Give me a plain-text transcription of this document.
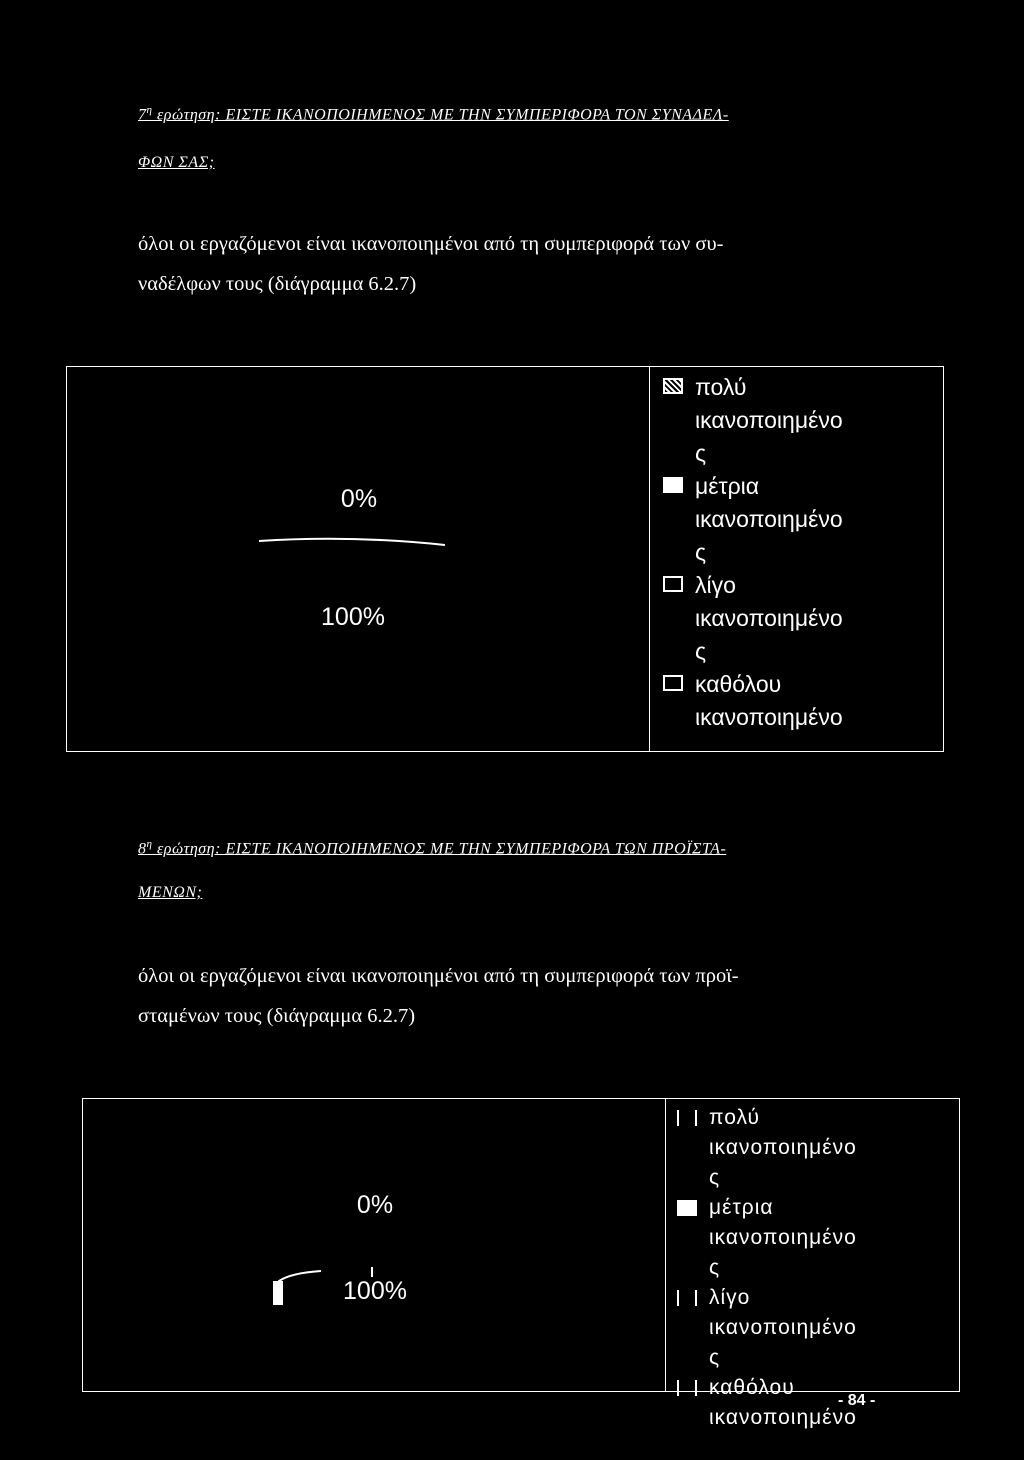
$7^\eta$ ερώτηση: ΕΙΣΤΕ ΙΚΑΝΟΠΟΙΗΜΕΝΟΣ ΜΕ ΤΗΝ ΣΥΜΠΕΡΙΦΟΡΑ ΤΟΝ ΣΥΝΑΔΕΛ-
ΦΩΝ ΣΑΣ;
όλοι οι εργαζόμενοι είναι ικανοποιημένοι από τη συμπεριφορά των συ-
ναδέλφων τους (διάγραμμα 6.2.7)
0%
100%
πολύ
ικανοποιημένο
ς
μέτρια
ικανοποιημένο
ς
λίγο
ικανοποιημένο
ς
καθόλου
ικανοποιημένο
$8^\eta$ ερώτηση: ΕΙΣΤΕ ΙΚΑΝΟΠΟΙΗΜΕΝΟΣ ΜΕ ΤΗΝ ΣΥΜΠΕΡΙΦΟΡΑ ΤΩΝ ΠΡΟΪΣΤΑ-
ΜΕΝΩΝ;
όλοι οι εργαζόμενοι είναι ικανοποιημένοι από τη συμπεριφορά των προϊ-
σταμένων τους (διάγραμμα 6.2.7)
0%
100%
πολύ
ικανοποιημένο
ς
μέτρια
ικανοποιημένο
ς
λίγο
ικανοποιημένο
ς
καθόλου
ικανοποιημένο
- 84 -
